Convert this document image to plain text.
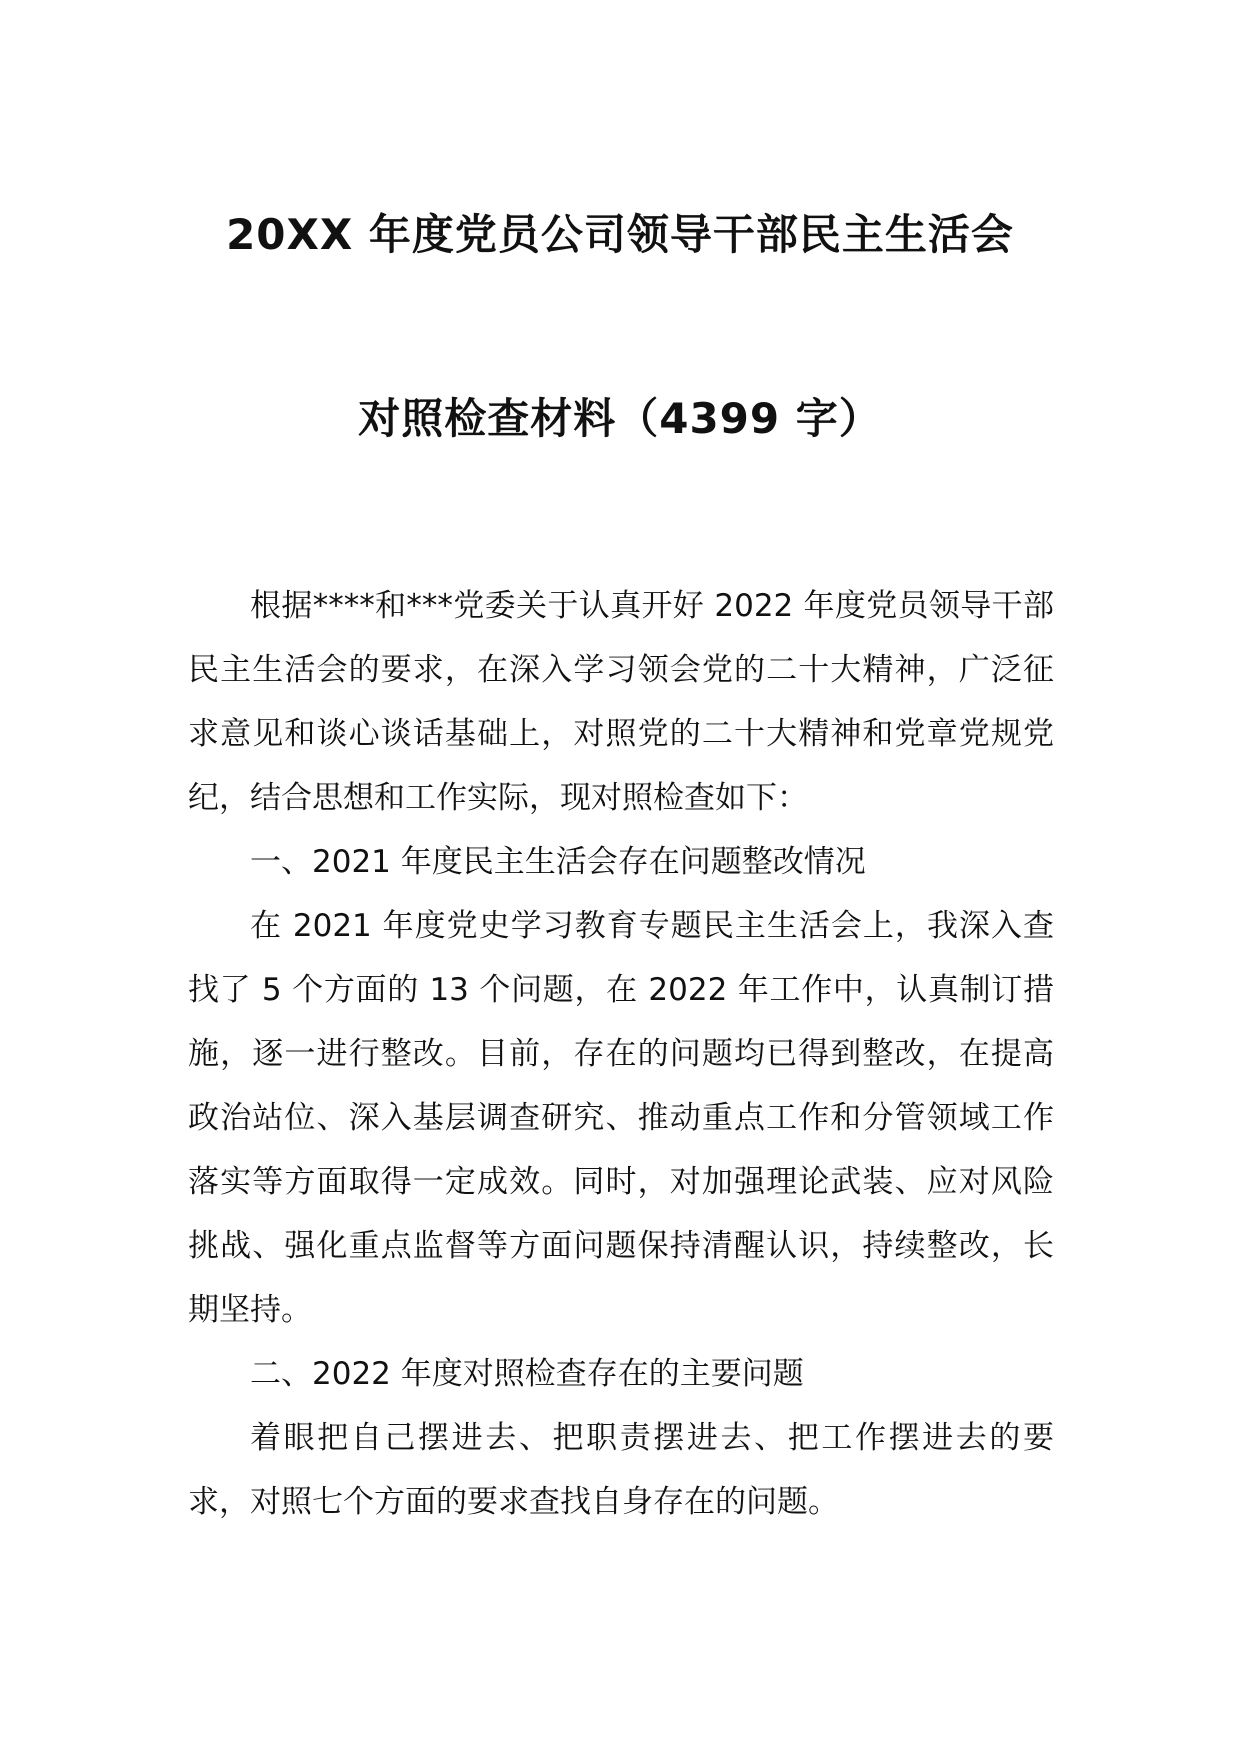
20XX 年度党员公司领导干部民主生活会
对照检查材料（4399 字）

根据****和***党委关于认真开好 2022 年度党员领导干部民主生活会的要求，在深入学习领会党的二十大精神，广泛征求意见和谈心谈话基础上，对照党的二十大精神和党章党规党纪，结合思想和工作实际，现对照检查如下：

一、2021 年度民主生活会存在问题整改情况

在 2021 年度党史学习教育专题民主生活会上，我深入查找了 5 个方面的 13 个问题，在 2022 年工作中，认真制订措施，逐一进行整改。目前，存在的问题均已得到整改，在提高政治站位、深入基层调查研究、推动重点工作和分管领域工作落实等方面取得一定成效。同时，对加强理论武装、应对风险挑战、强化重点监督等方面问题保持清醒认识，持续整改，长期坚持。

二、2022 年度对照检查存在的主要问题

着眼把自己摆进去、把职责摆进去、把工作摆进去的要求，对照七个方面的要求查找自身存在的问题。
